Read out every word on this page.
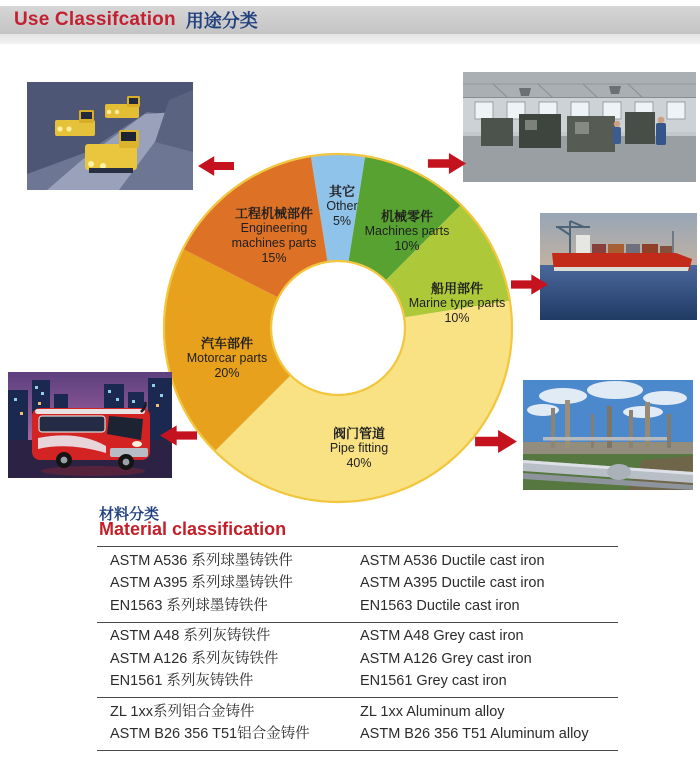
Use Classifcation 用途分类
其它
Other
5%	机械零件
Machines parts
10%
船用部件
Marine type parts
10%
阀门管道
Pipe fitting
40%
汽车部件
Motorcar parts
20%
工程机械部件
Engineering machines parts
15%
材料分类
Material classification
ASTM A536 系列球墨铸铁件	ASTM A536 Ductile cast iron
ASTM A395 系列球墨铸铁件	ASTM A395 Ductile cast iron
EN1563 系列球墨铸铁件	EN1563 Ductile cast iron
ASTM A48 系列灰铸铁件	ASTM A48 Grey cast iron
ASTM A126 系列灰铸铁件	ASTM A126 Grey cast iron
EN1561 系列灰铸铁件	EN1561 Grey cast iron
ZL 1xx系列铝合金铸件	ZL 1xx Aluminum alloy
ASTM B26 356 T51铝合金铸件	ASTM B26 356 T51 Aluminum alloy
